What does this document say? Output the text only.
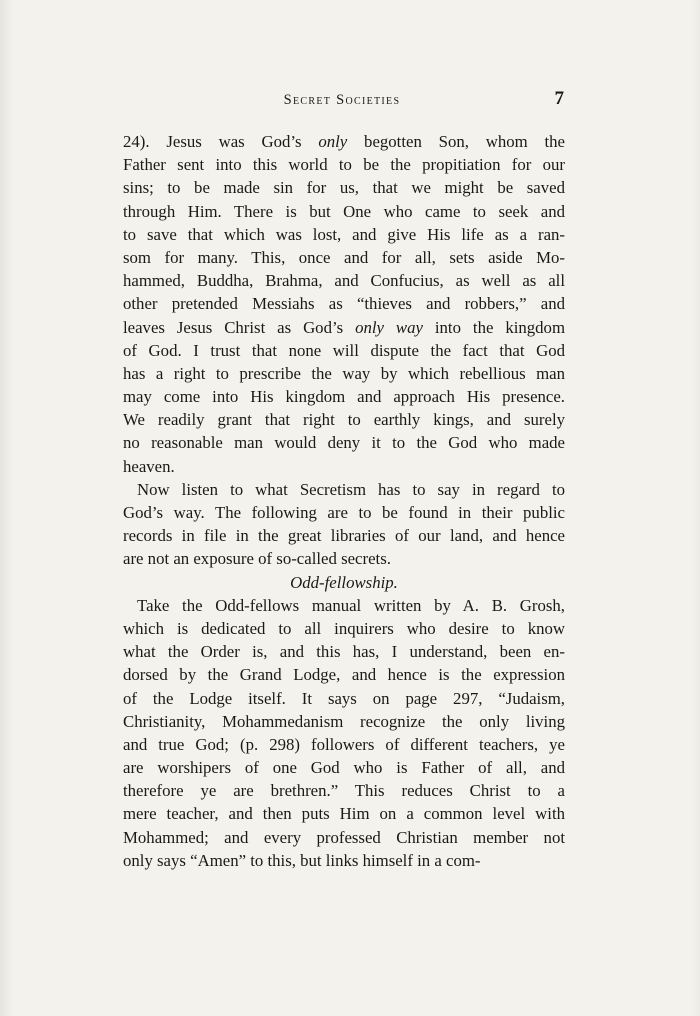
Secret Societies	7
24). Jesus was God’s only begotten Son, whom the
Father sent into this world to be the propitiation for our
sins; to be made sin for us, that we might be saved
through Him. There is but One who came to seek and
to save that which was lost, and give His life as a ran-
som for many. This, once and for all, sets aside Mo-
hammed, Buddha, Brahma, and Confucius, as well as all
other pretended Messiahs as “thieves and robbers,” and
leaves Jesus Christ as God’s only way into the kingdom
of God. I trust that none will dispute the fact that God
has a right to prescribe the way by which rebellious man
may come into His kingdom and approach His presence.
We readily grant that right to earthly kings, and surely
no reasonable man would deny it to the God who made
heaven.
Now listen to what Secretism has to say in regard to
God’s way. The following are to be found in their public
records in file in the great libraries of our land, and hence
are not an exposure of so-called secrets.
Odd-fellowship.
Take the Odd-fellows manual written by A. B. Grosh,
which is dedicated to all inquirers who desire to know
what the Order is, and this has, I understand, been en-
dorsed by the Grand Lodge, and hence is the expression
of the Lodge itself. It says on page 297, “Judaism,
Christianity, Mohammedanism recognize the only living
and true God; (p. 298) followers of different teachers, ye
are worshipers of one God who is Father of all, and
therefore ye are brethren.” This reduces Christ to a
mere teacher, and then puts Him on a common level with
Mohammed; and every professed Christian member not
only says “Amen” to this, but links himself in a com-
